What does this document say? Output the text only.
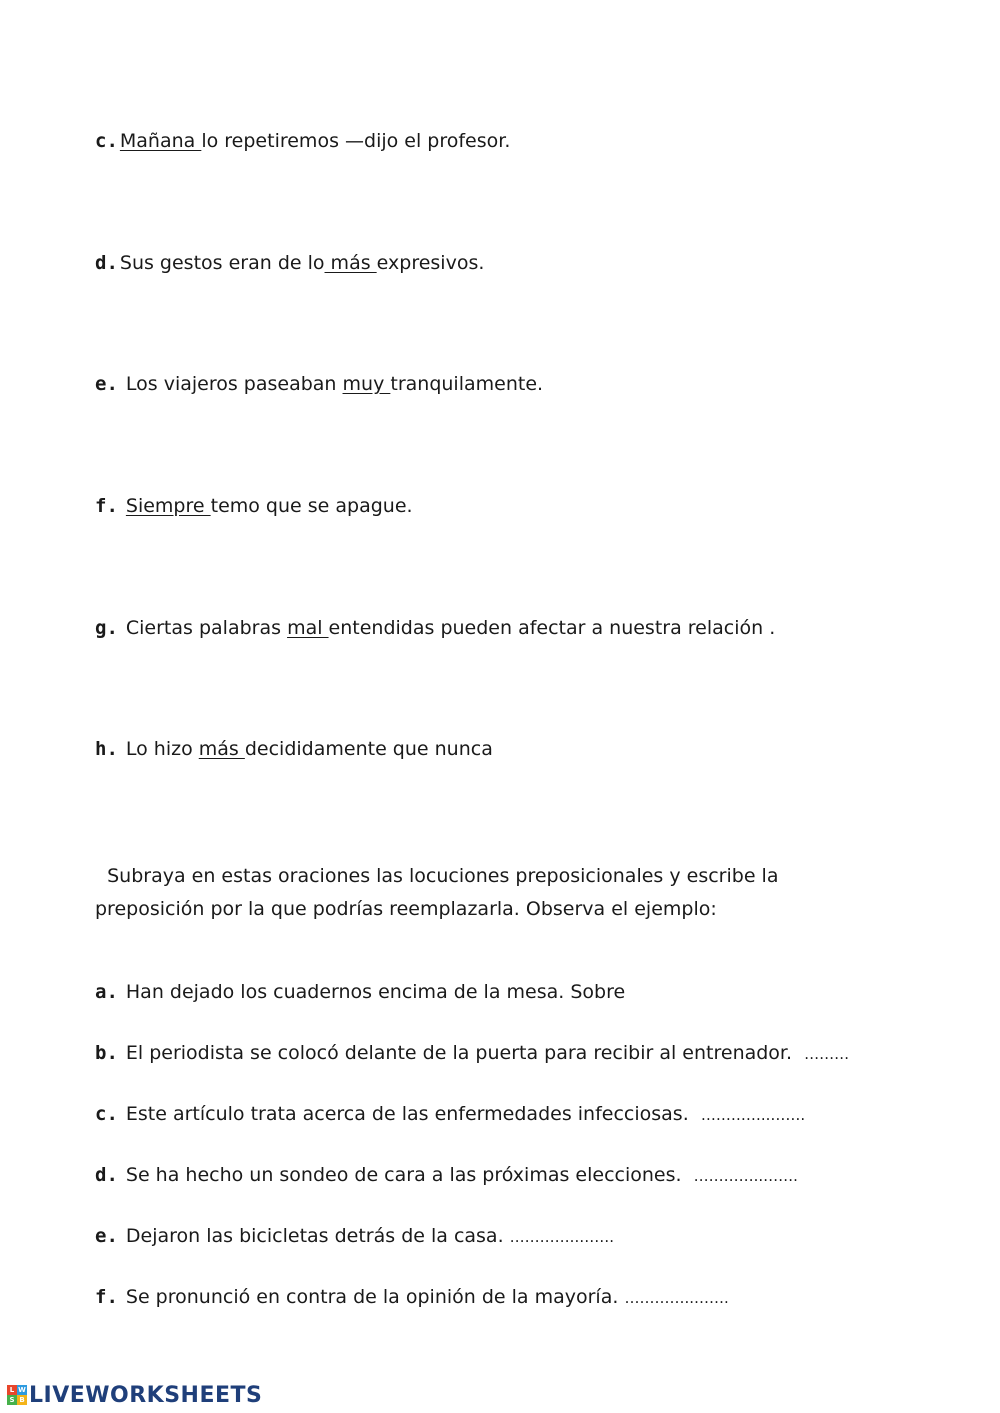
c. Mañana lo repetiremos —dijo el profesor.
d. Sus gestos eran de lo más expresivos.
e. Los viajeros paseaban muy tranquilamente.
f. Siempre temo que se apague.
g. Ciertas palabras mal entendidas pueden afectar a nuestra relación .
h. Lo hizo más decididamente que nunca
Subraya en estas oraciones las locuciones preposicionales y escribe la preposición por la que podrías reemplazarla. Observa el ejemplo:
a. Han dejado los cuadernos encima de la mesa. Sobre
b. El periodista se colocó delante de la puerta para recibir al entrenador.  ………
c. Este artículo trata acerca de las enfermedades infecciosas.  …………..…….
d. Se ha hecho un sondeo de cara a las próximas elecciones.  …………..…….
e. Dejaron las bicicletas detrás de la casa. …………..…….
f. Se pronunció en contra de la opinión de la mayoría. …………..…….
L W
S B LIVEWORKSHEETS
